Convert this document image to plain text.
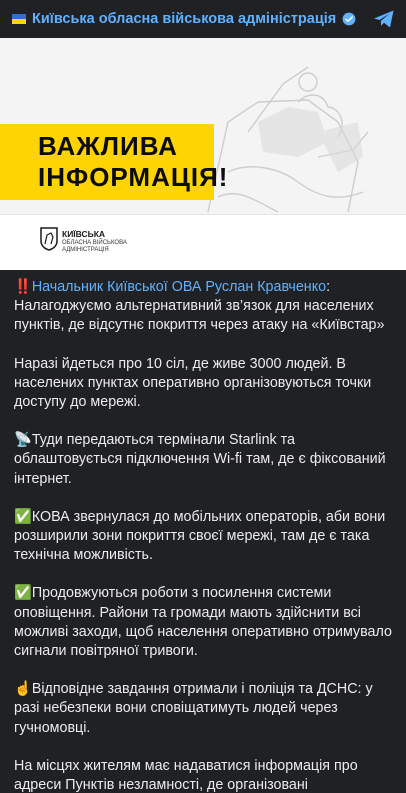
Київська обласна військова адміністрація
ВАЖЛИВА
ІНФОРМАЦІЯ!
КИЇВСЬКА
ОБЛАСНА ВІЙСЬКОВА
АДМІНІСТРАЦІЯ

‼️Начальник Київської ОВА Руслан Кравченко:
Налагоджуємо альтернативний зв’язок для населених пунктів, де відсутнє покриття через атаку на «Київстар»

Наразі йдеться про 10 сіл, де живе 3000 людей. В населених пунктах оперативно організовуються точки доступу до мережі.

📡Туди передаються термінали Starlink та облаштовується підключення Wi-fi там, де є фіксований інтернет.

✅КОВА звернулася до мобільних операторів, аби вони розширили зони покриття своєї мережі, там де є така технічна можливість.

✅Продовжуються роботи з посилення системи оповіщення. Райони та громади мають здійснити всі можливі заходи, щоб населення оперативно отримувало сигнали повітряної тривоги.

☝️Відповідне завдання отримали і поліція та ДСНС: у разі небезпеки вони сповіщатимуть людей через гучномовці.

На місцях жителям має надаватися інформація про адреси Пунктів незламності, де організовані
